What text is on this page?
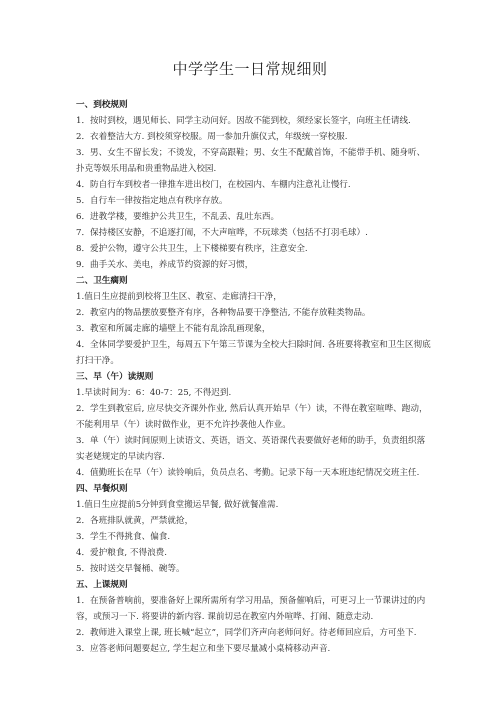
中学学生一日常规细则
一、到校规则
1．按时到校，遇见师长、同学主动问好。因故不能到校，须经家长签字，向班主任请线.
2．衣着整洁大方. 到校须穿校服。周一参加升旗仪式，年级统一穿校服.
3．男、女生不留长发；不烫发，不穿高跟鞋；男、女生不配戴首饰，不能带手机、随身听、扑克等娱乐用品和贵重物品进入校园.
4．防自行车到校者一律推车进出校门，在校园内、车棚内注意礼让慢行.
5．自行车一律按指定地点有秩序存放。
6．进教学楼，要维护公共卫生，不乱丢、乱吐东西。
7．保持楼区安静，不追逐打闹，不大声喧哗，不玩球类（包括不打羽毛球）.
8．爱护公物，遵守公共卫生，上下楼梯要有秩序，注意安全.
9．曲手关水、美电，养成节约资源的好习惯，
二、卫生瘸则
1.值日生应提前到校将卫生区、教室、走廊清扫干净，
2．教室内的物品摆放要整齐有序，各种物品要干净整洁, 不能存放鞋类物品。
3．教室和所属走廊的墙壁上不能有乱涂乱画现象，
4．全体同学要爱护卫生，每周五下午第三节课为全校大扫除时间. 各班要将教室和卫生区彻底打扫干净。
三、早（午）读规则
1.早读时间为：6：40-7：25, 不得迟到.
2．学生到教室后, 应尽快交齐课外作业, 然后认真开始早（午）读，不得在教室喧哗、跑动，不能利用早（午）读时做作业，更不允许抄袭他人作业。
3．单（午）读时间原则上读语文、英语，语文、英语课代表要做好老师的助手，负责组织落实老姥规定的早读内容.
4．值勤班长在早（午）读铃响后，负员点名、考勤。记录下每一天本班违纪情况交班主任.
四、早餐炽则
1.值日生应提前5分钟到食堂搬运早餐, 做好就餐准需.
2．各班排队就黄，严禁就抢，
3．学生不得挑食、偏食.
4．爱护粮食, 不得浪费.
5．按时送交早餐桶、碗等。
五、上课规则
1．在预备普响前，要准备好上课所需所有学习用品，预备催响后，可更习上一节课讲过的内容，或预习一下. 将要讲的新内容. 课前切忌在教室内外喧哗、打闹、随意走动.
2．教师进入课堂上课, 班长喊“起立”，同学们齐声向老师问好。待老师回应后，方可坐下.
3．应答老师问题要起立, 学生起立和坐下要尽量减小桌椅移动声音.
